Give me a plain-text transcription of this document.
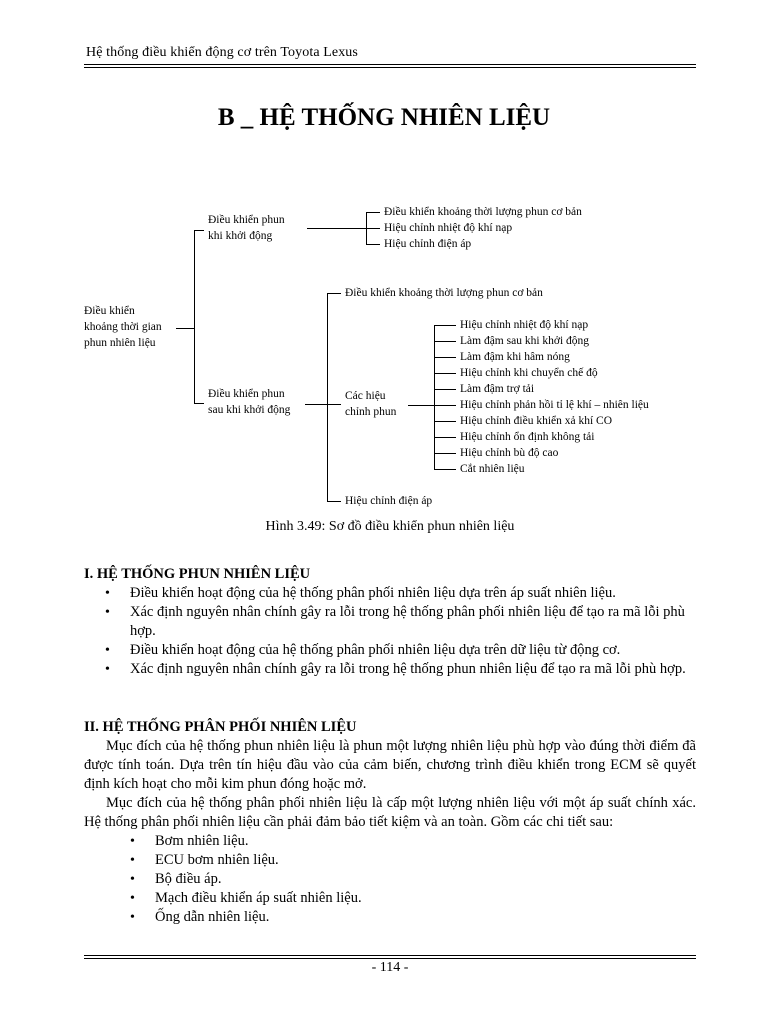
Hệ thống điều khiển động cơ trên Toyota Lexus
B _ HỆ THỐNG NHIÊN LIỆU
Điều khiển
khoảng thời gian
phun nhiên liệu
Điều khiển phun
khi khởi động
Điều khiển khoảng thời lượng phun cơ bản
Hiệu chỉnh nhiệt độ khí nạp
Hiệu chỉnh điện áp
Điều khiển phun
sau khi khởi động
Điều khiển khoảng thời lượng phun cơ bản
Các hiệu
chỉnh phun
Hiệu chỉnh nhiệt độ khí nạp
Làm đậm sau khi khởi động
Làm đậm khi hâm nóng
Hiệu chỉnh khi chuyển chế độ
Làm đậm trợ tải
Hiệu chỉnh phản hồi tỉ lệ khí – nhiên liệu
Hiệu chỉnh điều khiển xả khí CO
Hiệu chỉnh ổn định không tải
Hiệu chỉnh bù độ cao
Cắt nhiên liệu
Hiệu chỉnh điện áp
Hình 3.49: Sơ đồ điều khiển phun nhiên liệu
I. HỆ THỐNG PHUN NHIÊN LIỆU
• Điều khiển hoạt động của hệ thống phân phối nhiên liệu dựa trên áp suất nhiên liệu.
• Xác định nguyên nhân chính gây ra lỗi trong hệ thống phân phối nhiên liệu để tạo ra mã lỗi phù hợp.
• Điều khiển hoạt động của hệ thống phân phối nhiên liệu dựa trên dữ liệu từ động cơ.
• Xác định nguyên nhân chính gây ra lỗi trong hệ thống phun nhiên liệu để tạo ra mã lỗi phù hợp.
II. HỆ THỐNG PHÂN PHỐI NHIÊN LIỆU

Mục đích của hệ thống phun nhiên liệu là phun một lượng nhiên liệu phù hợp vào đúng thời điểm đã được tính toán. Dựa trên tín hiệu đầu vào của cảm biến, chương trình điều khiển trong ECM sẽ quyết định kích hoạt cho mỗi kim phun đóng hoặc mở.

Mục đích của hệ thống phân phối nhiên liệu là cấp một lượng nhiên liệu với một áp suất chính xác. Hệ thống phân phối nhiên liệu cần phải đảm bảo tiết kiệm và an toàn. Gồm các chi tiết sau:

• Bơm nhiên liệu.
• ECU bơm nhiên liệu.
• Bộ điều áp.
• Mạch điều khiển áp suất nhiên liệu.
• Ống dẫn nhiên liệu.
- 114 -
